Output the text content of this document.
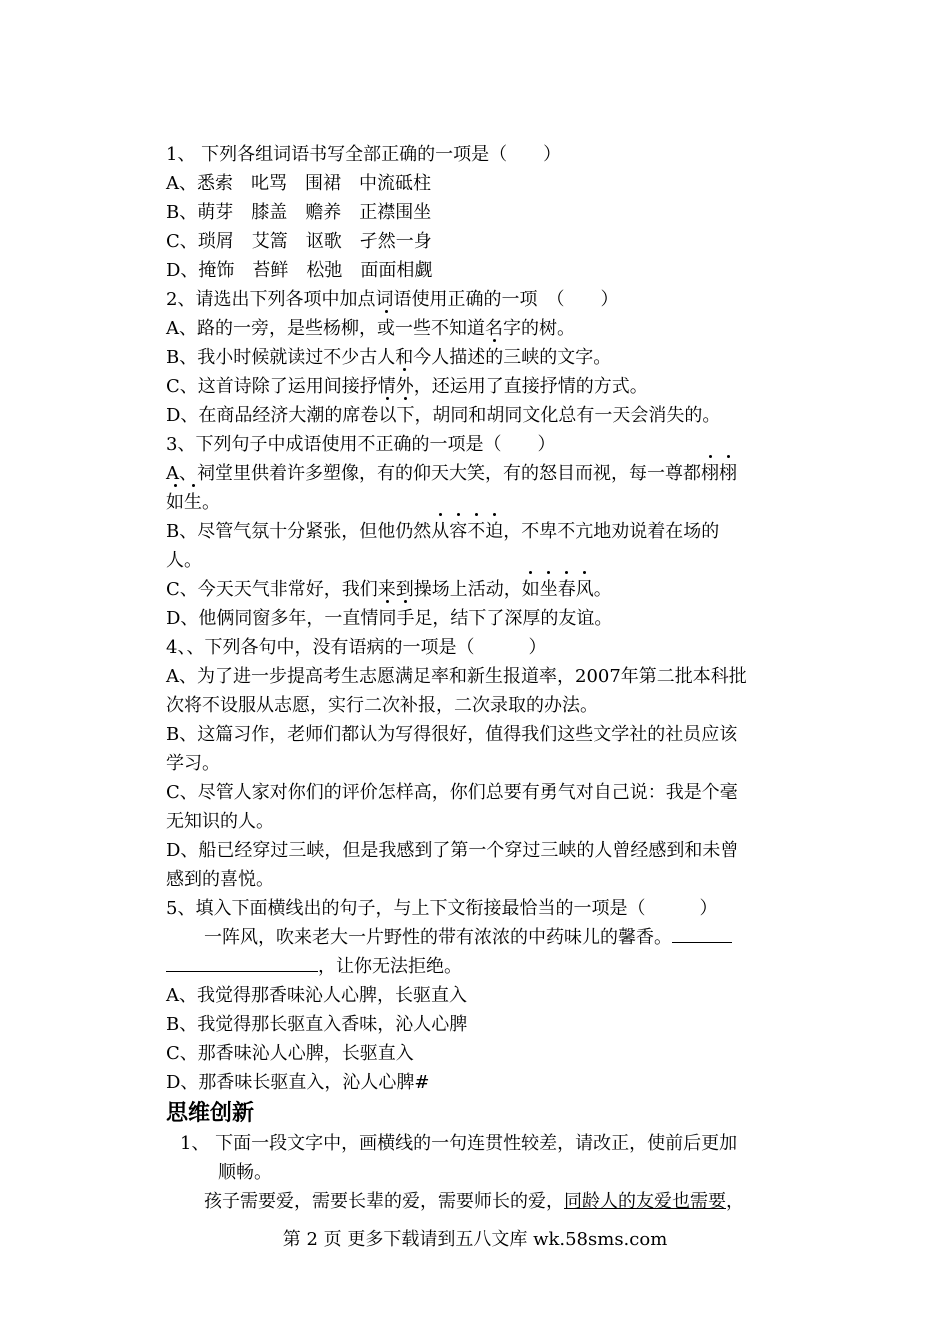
1、 下列各组词语书写全部正确的一项是（　　）
A、悉索　叱骂　围裙　中流砥柱
B、萌芽　膝盖　赡养　正襟围坐
C、琐屑　艾篙　讴歌　孑然一身
D、掩饰　苔鲜　松弛　面面相觑
2、请选出下列各项中加点词语使用正确的一项　（　　）
A、路的一旁，是些杨柳，或一些不知道名字的树。
B、我小时候就读过不少古人和今人描述的三峡的文字。
C、这首诗除了运用间接抒情外，还运用了直接抒情的方式。
D、在商品经济大潮的席卷以下，胡同和胡同文化总有一天会消失的。
3、下列句子中成语使用不正确的一项是（　　）
A、祠堂里供着许多塑像，有的仰天大笑，有的怒目而视，每一尊都栩栩
如生。
B、尽管气氛十分紧张，但他仍然从容不迫，不卑不亢地劝说着在场的
人。
C、今天天气非常好，我们来到操场上活动，如坐春风。
D、他俩同窗多年，一直情同手足，结下了深厚的友谊。
4、、下列各句中，没有语病的一项是（　　　）
A、为了进一步提高考生志愿满足率和新生报道率，2007年第二批本科批
次将不设服从志愿，实行二次补报，二次录取的办法。
B、这篇习作，老师们都认为写得很好，值得我们这些文学社的社员应该
学习。
C、尽管人家对你们的评价怎样高，你们总要有勇气对自己说：我是个毫
无知识的人。
D、船已经穿过三峡，但是我感到了第一个穿过三峡的人曾经感到和未曾
感到的喜悦。
5、填入下面横线出的句子，与上下文衔接最恰当的一项是（　　　）
一阵风，吹来老大一片野性的带有浓浓的中药味儿的馨香。
，让你无法拒绝。
A、我觉得那香味沁人心脾，长驱直入
B、我觉得那长驱直入香味，沁人心脾
C、那香味沁人心脾，长驱直入
D、那香味长驱直入，沁人心脾#
思维创新
1、 下面一段文字中，画横线的一句连贯性较差，请改正，使前后更加
顺畅。
孩子需要爱，需要长辈的爱，需要师长的爱，同龄人的友爱也需要，
第 2 页 更多下载请到五八文库 wk.58sms.com
